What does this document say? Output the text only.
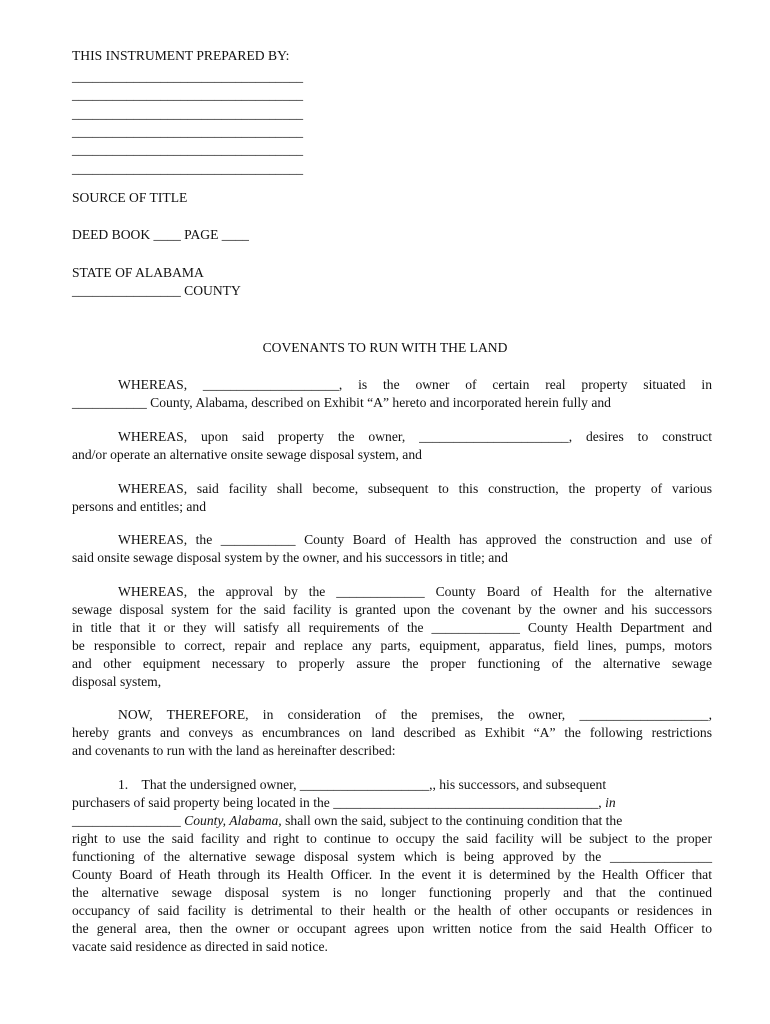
THIS INSTRUMENT PREPARED BY:
__________________________________
__________________________________
__________________________________
__________________________________
__________________________________
__________________________________
SOURCE OF TITLE
DEED BOOK ____ PAGE ____
STATE OF ALABAMA
________________ COUNTY
COVENANTS TO RUN WITH THE LAND
WHEREAS, ____________________, is the owner of certain real property situated in
___________ County, Alabama, described on Exhibit “A” hereto and incorporated herein fully and
WHEREAS, upon said property the owner, ______________________, desires to construct
and/or operate an alternative onsite sewage disposal system, and
WHEREAS, said facility shall become, subsequent to this construction, the property of various
persons and entitles; and
WHEREAS, the ___________ County Board of Health has approved the construction and use of
said onsite sewage disposal system by the owner, and his successors in title; and
WHEREAS, the approval by the _____________ County Board of Health for the alternative
sewage disposal system for the said facility is granted upon the covenant by the owner and his successors
in title that it or they will satisfy all requirements of the _____________ County Health Department and
be responsible to correct, repair and replace any parts, equipment, apparatus, field lines, pumps, motors
and other equipment necessary to properly assure the proper functioning of the alternative sewage
disposal system,
NOW, THEREFORE, in consideration of the premises, the owner, ___________________,
hereby grants and conveys as encumbrances on land described as Exhibit “A” the following restrictions
and covenants to run with the land as hereinafter described:
1.    That the undersigned owner, ___________________,, his successors, and subsequent
purchasers of said property being located in the _______________________________________, in
________________ County, Alabama, shall own the said, subject to the continuing condition that the
right to use the said facility and right to continue to occupy the said facility will be subject to the proper
functioning of the alternative sewage disposal system which is being approved by the _______________
County Board of Heath through its Health Officer. In the event it is determined by the Health Officer that
the alternative sewage disposal system is no longer functioning properly and that the continued
occupancy of said facility is detrimental to their health or the health of other occupants or residences in
the general area, then the owner or occupant agrees upon written notice from the said Health Officer to
vacate said residence as directed in said notice.
